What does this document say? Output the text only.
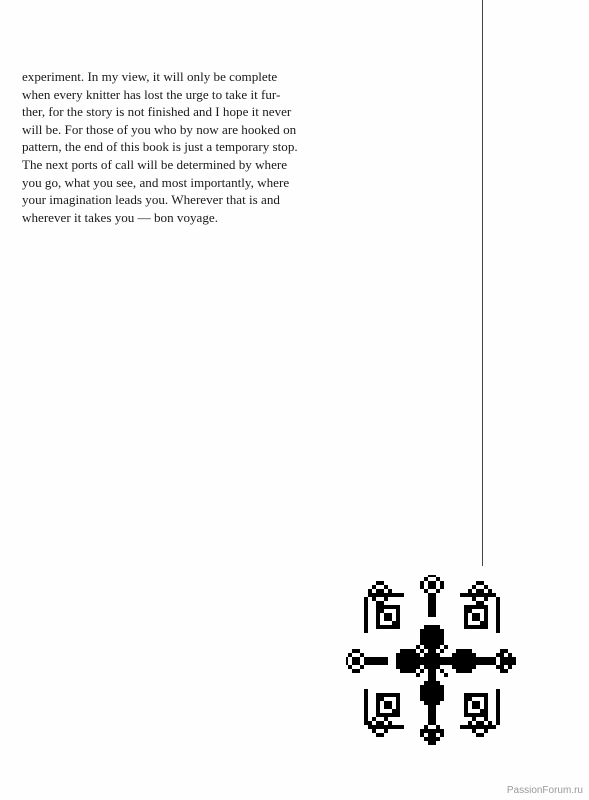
experiment. In my view, it will only be complete
when every knitter has lost the urge to take it fur-
ther, for the story is not finished and I hope it never
will be. For those of you who by now are hooked on
pattern, the end of this book is just a temporary stop.
The next ports of call will be determined by where
you go, what you see, and most importantly, where
your imagination leads you. Wherever that is and
wherever it takes you — bon voyage.
PassionForum.ru
